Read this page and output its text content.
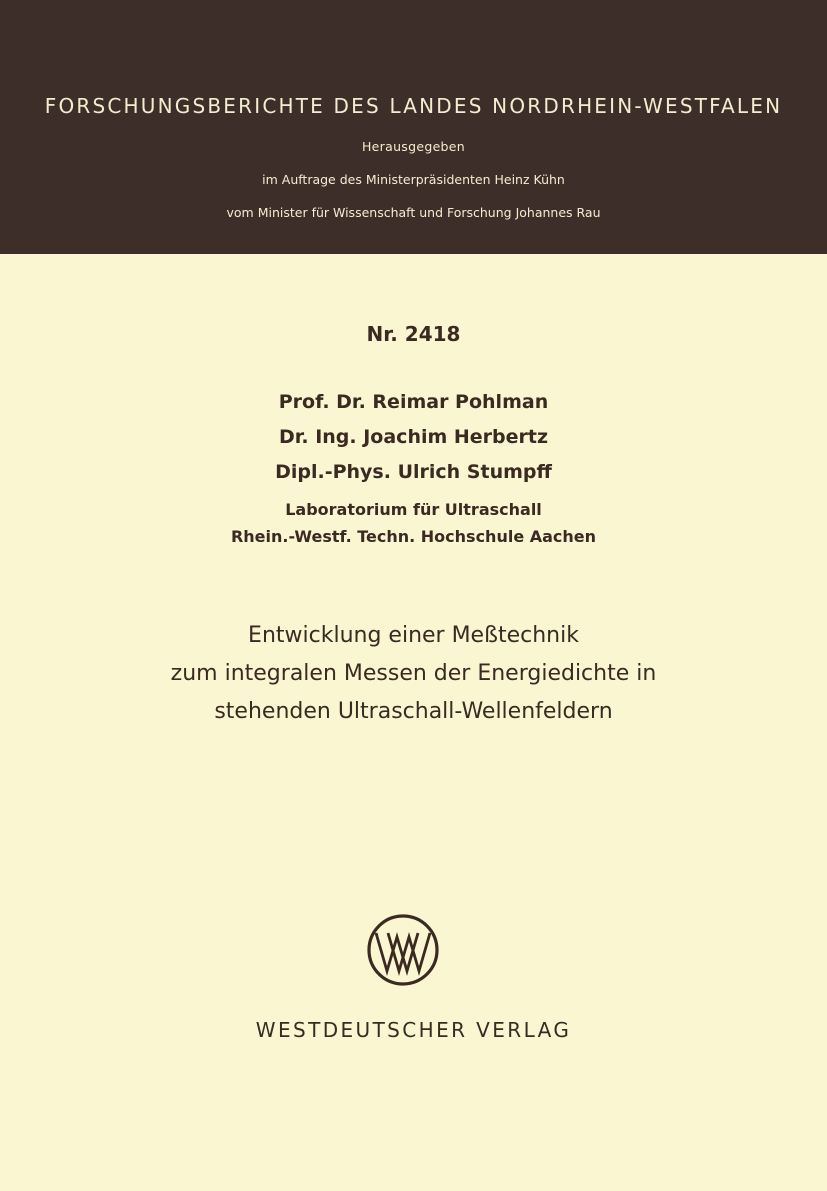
FORSCHUNGSBERICHTE DES LANDES NORDRHEIN-WESTFALEN
Herausgegeben
im Auftrage des Ministerpräsidenten Heinz Kühn
vom Minister für Wissenschaft und Forschung Johannes Rau
Nr. 2418
Prof. Dr. Reimar Pohlman
Dr. Ing. Joachim Herbertz
Dipl.-Phys. Ulrich Stumpff
Laboratorium für Ultraschall
Rhein.-Westf. Techn. Hochschule Aachen
Entwicklung einer Meßtechnik
zum integralen Messen der Energiedichte in
stehenden Ultraschall-Wellenfeldern
WESTDEUTSCHER VERLAG
